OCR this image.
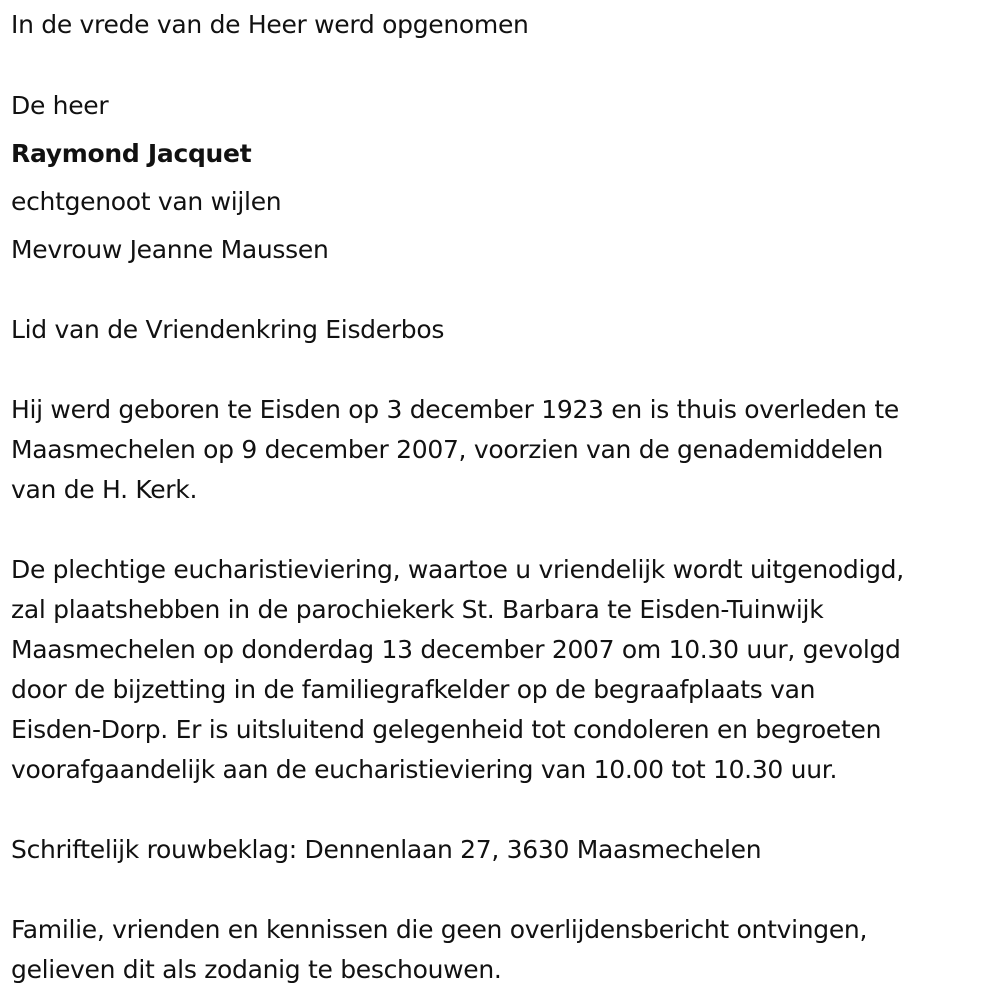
In de vrede van de Heer werd opgenomen
De heer
Raymond Jacquet
echtgenoot van wijlen
Mevrouw Jeanne Maussen
Lid van de Vriendenkring Eisderbos
Hij werd geboren te Eisden op 3 december 1923 en is thuis overleden te
Maasmechelen op 9 december 2007, voorzien van de genademiddelen
van de H. Kerk.
De plechtige eucharistieviering, waartoe u vriendelijk wordt uitgenodigd,
zal plaatshebben in de parochiekerk St. Barbara te Eisden-Tuinwijk
Maasmechelen op donderdag 13 december 2007 om 10.30 uur, gevolgd
door de bijzetting in de familiegrafkelder op de begraafplaats van
Eisden-Dorp. Er is uitsluitend gelegenheid tot condoleren en begroeten
voorafgaandelijk aan de eucharistieviering van 10.00 tot 10.30 uur.
Schriftelijk rouwbeklag: Dennenlaan 27, 3630 Maasmechelen
Familie, vrienden en kennissen die geen overlijdensbericht ontvingen,
gelieven dit als zodanig te beschouwen.
